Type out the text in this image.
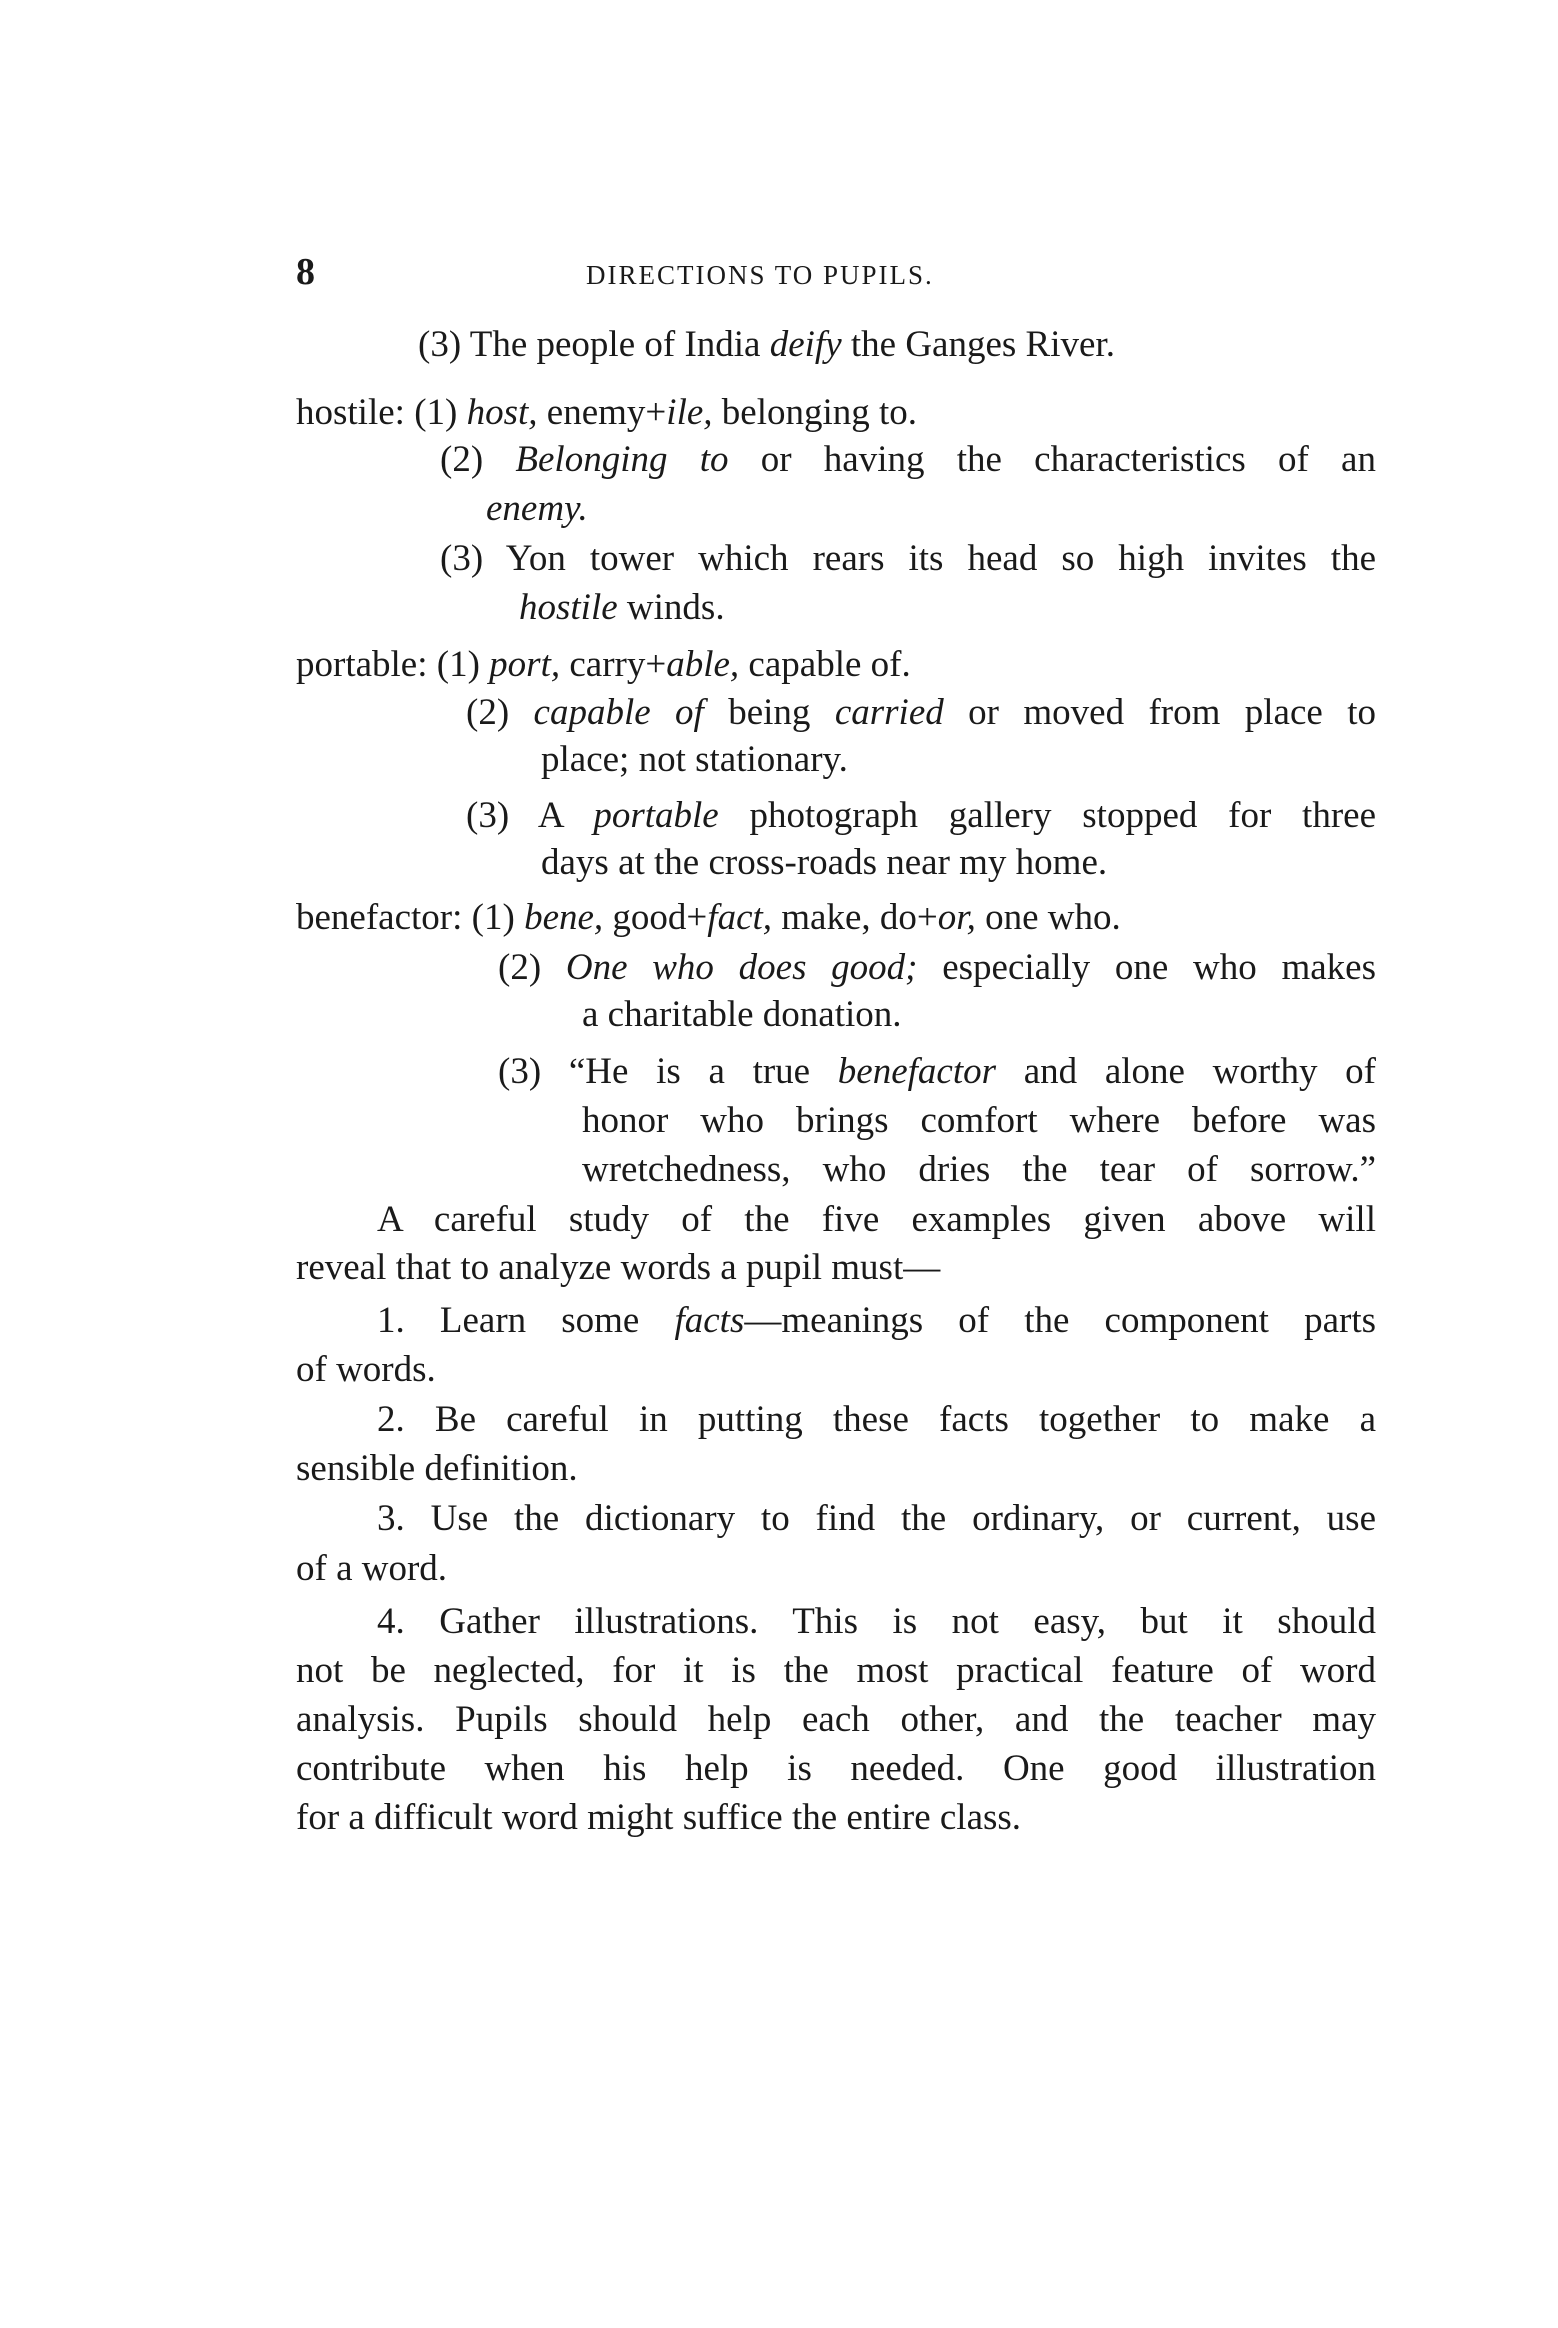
8	DIRECTIONS TO PUPILS.
(3) The people of India deify the Ganges River.
hostile: (1) host, enemy+ile, belonging to.
(2) Belonging to or having the characteristics of an
enemy.
(3) Yon tower which rears its head so high invites the
hostile winds.
portable: (1) port, carry+able, capable of.
(2) capable of being carried or moved from place to
place; not stationary.
(3) A portable photograph gallery stopped for three
days at the cross-roads near my home.
benefactor: (1) bene, good+fact, make, do+or, one who.
(2) One who does good; especially one who makes
a charitable donation.
(3) “He is a true benefactor and alone worthy of
honor who brings comfort where before was
wretchedness, who dries the tear of sorrow.”
A careful study of the five examples given above will
reveal that to analyze words a pupil must—
1. Learn some facts—meanings of the component parts
of words.
2. Be careful in putting these facts together to make a
sensible definition.
3. Use the dictionary to find the ordinary, or current, use
of a word.
4. Gather illustrations. This is not easy, but it should
not be neglected, for it is the most practical feature of word
analysis. Pupils should help each other, and the teacher may
contribute when his help is needed. One good illustration
for a difficult word might suffice the entire class.
